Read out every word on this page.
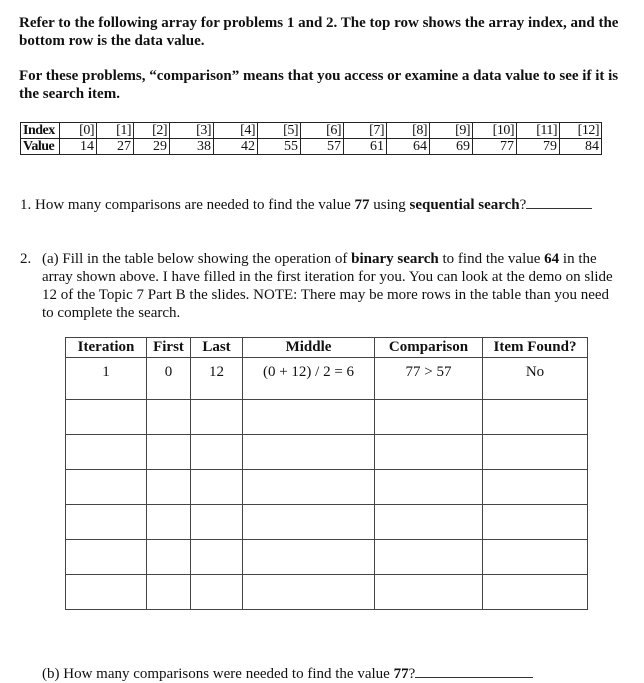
Refer to the following array for problems 1 and 2. The top row shows the array index, and the bottom row is the data value.

For these problems, “comparison” means that you access or examine a data value to see if it is the search item.

Index	[0]	[1]	[2]	[3]	[4]	[5]	[6]	[7]	[8]	[9]	[10]	[11]	[12]
Value	14	27	29	38	42	55	57	61	64	69	77	79	84

1. How many comparisons are needed to find the value 77 using sequential search?

2. (a) Fill in the table below showing the operation of binary search to find the value 64 in the array shown above. I have filled in the first iteration for you. You can look at the demo on slide 12 of the Topic 7 Part B the slides. NOTE: There may be more rows in the table than you need to complete the search.
Iteration	First	Last	Middle	Comparison	Item Found?
1	0	12	(0 + 12) / 2 = 6	77 > 57	No

(b) How many comparisons were needed to find the value 77?
